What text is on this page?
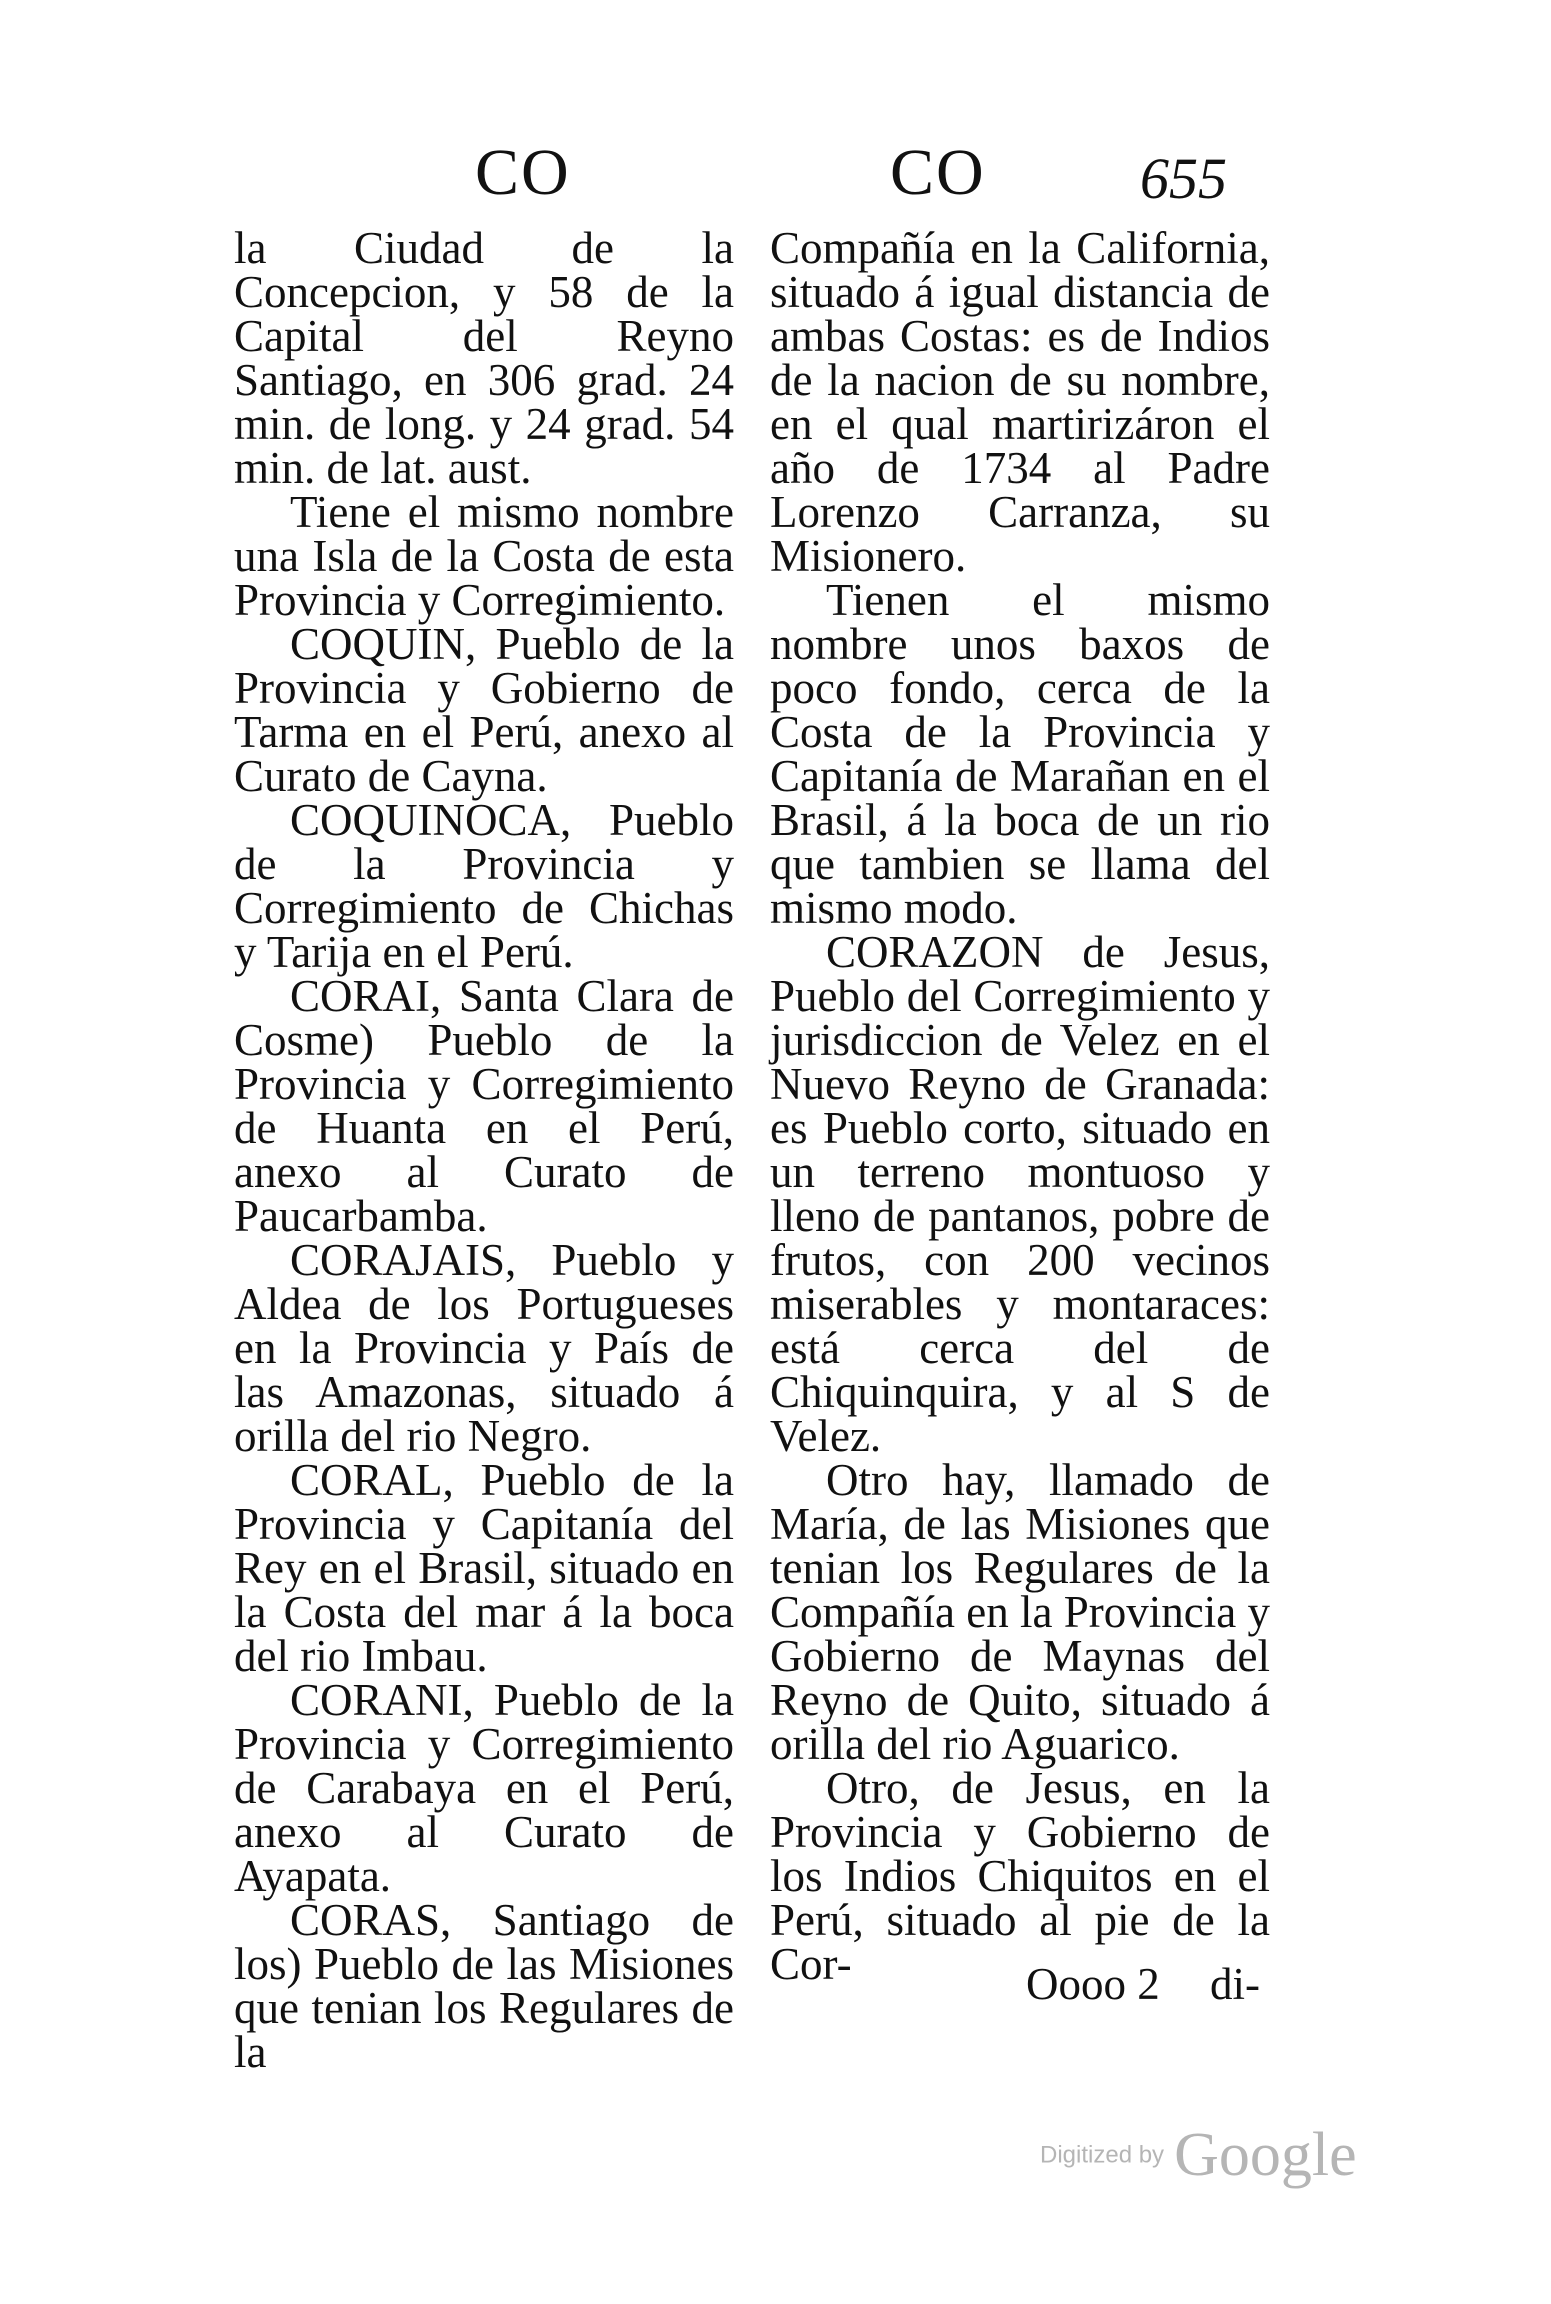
CO	CO	655

la Ciudad de la Concepcion, y 58 de la Capital del Reyno Santiago, en 306 grad. 24 min. de long. y 24 grad. 54 min. de lat. aust.

Tiene el mismo nombre una Isla de la Costa de esta Provincia y Corregimiento.

COQUIN, Pueblo de la Provincia y Gobierno de Tarma en el Perú, anexo al Curato de Cayna.

COQUINOCA, Pueblo de la Provincia y Corregimiento de Chichas y Tarija en el Perú.

CORAI, Santa Clara de Cosme) Pueblo de la Provincia y Corregimiento de Huanta en el Perú, anexo al Curato de Paucarbamba.

CORAJAIS, Pueblo y Aldea de los Portugueses en la Provincia y País de las Amazonas, situado á orilla del rio Negro.

CORAL, Pueblo de la Provincia y Capitanía del Rey en el Brasil, situado en la Costa del mar á la boca del rio Imbau.

CORANI, Pueblo de la Provincia y Corregimiento de Carabaya en el Perú, anexo al Curato de Ayapata.

CORAS, Santiago de los) Pueblo de las Misiones que tenian los Regulares de la

Compañía en la California, situado á igual distancia de ambas Costas: es de Indios de la nacion de su nombre, en el qual martirizáron el año de 1734 al Padre Lorenzo Carranza, su Misionero.

Tienen el mismo nombre unos baxos de poco fondo, cerca de la Costa de la Provincia y Capitanía de Marañan en el Brasil, á la boca de un rio que tambien se llama del mismo modo.

CORAZON de Jesus, Pueblo del Corregimiento y jurisdiccion de Velez en el Nuevo Reyno de Granada: es Pueblo corto, situado en un terreno montuoso y lleno de pantanos, pobre de frutos, con 200 vecinos miserables y montaraces: está cerca del de Chiquinquira, y al S de Velez.

Otro hay, llamado de María, de las Misiones que tenian los Regulares de la Compañía en la Provincia y Gobierno de Maynas del Reyno de Quito, situado á orilla del rio Aguarico.

Otro, de Jesus, en la Provincia y Gobierno de los Indios Chiquitos en el Perú, situado al pie de la Cor-	Oooo 2 di-
Digitized by Google
